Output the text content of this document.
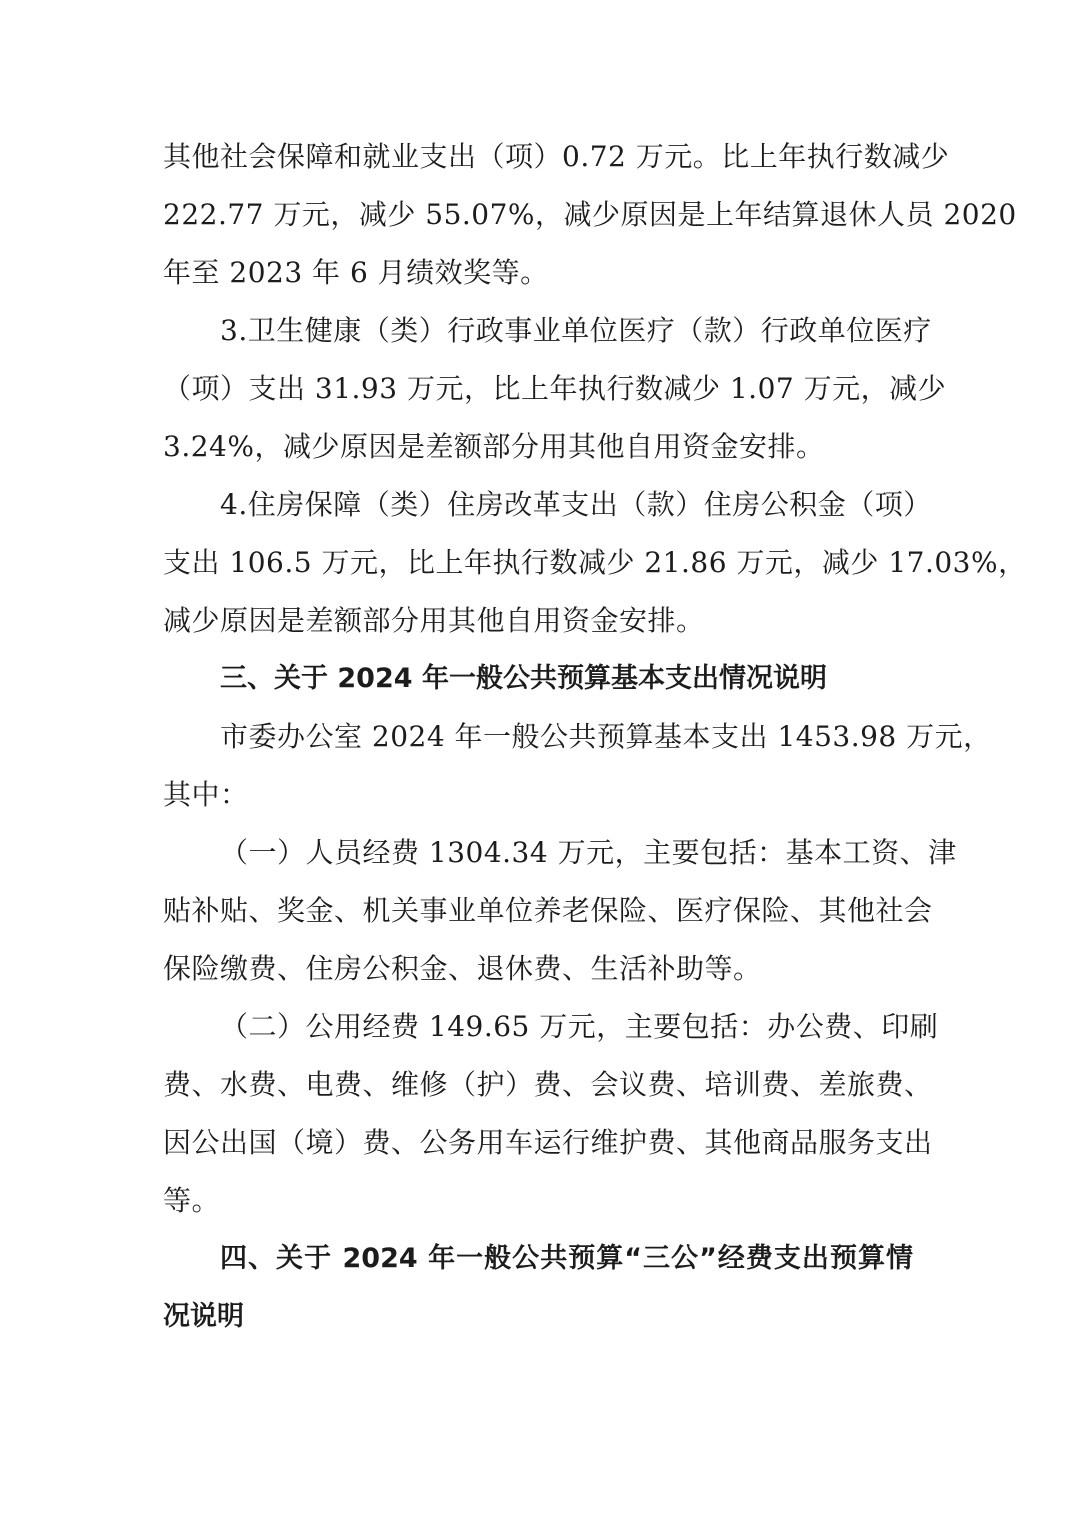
其他社会保障和就业支出（项）0.72 万元。比上年执行数减少
222.77 万元，减少 55.07%，减少原因是上年结算退休人员 2020
年至 2023 年 6 月绩效奖等。
3.卫生健康（类）行政事业单位医疗（款）行政单位医疗
（项）支出 31.93 万元，比上年执行数减少 1.07 万元，减少
3.24%，减少原因是差额部分用其他自用资金安排。
4.住房保障（类）住房改革支出（款）住房公积金（项）
支出 106.5 万元，比上年执行数减少 21.86 万元，减少 17.03%，
减少原因是差额部分用其他自用资金安排。
三、关于 2024 年一般公共预算基本支出情况说明
市委办公室 2024 年一般公共预算基本支出 1453.98 万元，
其中：
（一）人员经费 1304.34 万元，主要包括：基本工资、津
贴补贴、奖金、机关事业单位养老保险、医疗保险、其他社会
保险缴费、住房公积金、退休费、生活补助等。
（二）公用经费 149.65 万元，主要包括：办公费、印刷
费、水费、电费、维修（护）费、会议费、培训费、差旅费、
因公出国（境）费、公务用车运行维护费、其他商品服务支出
等。
四、关于 2024 年一般公共预算“三公”经费支出预算情
况说明
